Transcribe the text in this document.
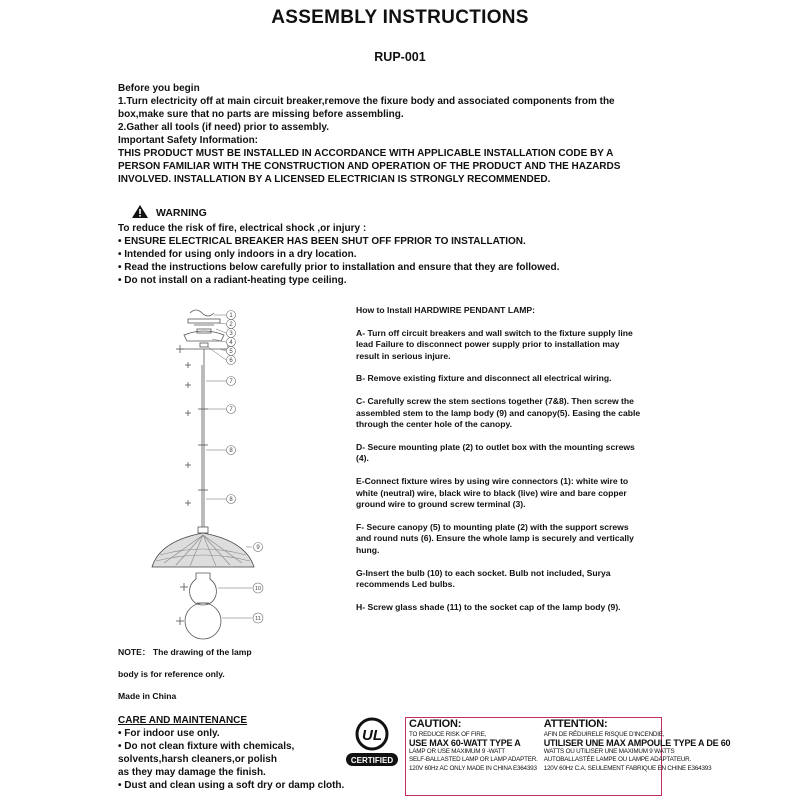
ASSEMBLY INSTRUCTIONS
RUP-001
Before you begin
1.Turn electricity off at main circuit breaker,remove the fixure body and associated components from the
box,make sure that no parts are missing before assembling.
2.Gather all tools (if need) prior to assembly.
Important Safety Information:
THIS PRODUCT MUST BE INSTALLED IN ACCORDANCE WITH APPLICABLE INSTALLATION CODE BY A
PERSON FAMILIAR WITH THE CONSTRUCTION AND OPERATION OF THE PRODUCT AND THE HAZARDS
INVOLVED. INSTALLATION BY A LICENSED ELECTRICIAN IS STRONGLY RECOMMENDED.
WARNING
To reduce the risk of fire, electrical shock ,or injury :
• ENSURE ELECTRICAL BREAKER HAS BEEN SHUT OFF FPRIOR TO INSTALLATION.
• Intended for using only indoors in a dry location.
• Read the instructions below carefully prior to installation and ensure that they are followed.
• Do not install on a radiant-heating type ceiling.
1
2
3
4
5
6
7
7
8
8
9
10
11

How to Install HARDWIRE PENDANT LAMP:

A- Turn off circuit breakers and wall switch to the fixture supply line
lead Failure to disconnect power supply prior to installation may
result in serious injure.

B- Remove existing fixture and disconnect all electrical wiring.

C- Carefully screw the stem sections together (7&8). Then screw the
assembled stem to the lamp body (9) and canopy(5). Easing the cable
through the center hole of the canopy.

D- Secure mounting plate (2) to outlet box with the mounting screws
(4).

E-Connect fixture wires by using wire connectors (1): white wire to
white (neutral) wire, black wire to black (live) wire and bare copper
ground wire to ground screw terminal (3).

F- Secure canopy (5) to mounting plate (2) with the support screws
and round nuts (6). Ensure the whole lamp is securely and vertically
hung.

G-Insert the bulb (10) to each socket. Bulb not included, Surya
recommends Led bulbs.

H- Screw glass shade (11) to the socket cap of the lamp body (9).

NOTE： The drawing of the lamp
body is for reference only.
Made in China
CARE AND MAINTENANCE
• For indoor use only.
• Do not clean fixture with chemicals,
solvents,harsh cleaners,or polish
as they may damage the finish.
• Dust and clean using a soft dry or damp cloth.
UL
CERTIFIED
CAUTION:
TO REDUCE RISK OF FIRE,
USE MAX 60-WATT TYPE A
LAMP OR USE MAXIMUM 9 -WATT
SELF-BALLASTED LAMP OR LAMP ADAPTER.
120V 60Hz AC ONLY MADE IN CHINA E364393
ATTENTION:
AFIN DE RÉDUIRELE RISQUE D'INCENDIE,
UTILISER UNE MAX AMPOULE TYPE A DE 60
WATTS OU UTILISER UNE MAXIMUM 9 WATTS
AUTOBALLASTÉE LAMPE OU LAMPE ADAPTATEUR.
120V 60Hz C.A. SEULEMENT FABRIQUE EN CHINE E364393
